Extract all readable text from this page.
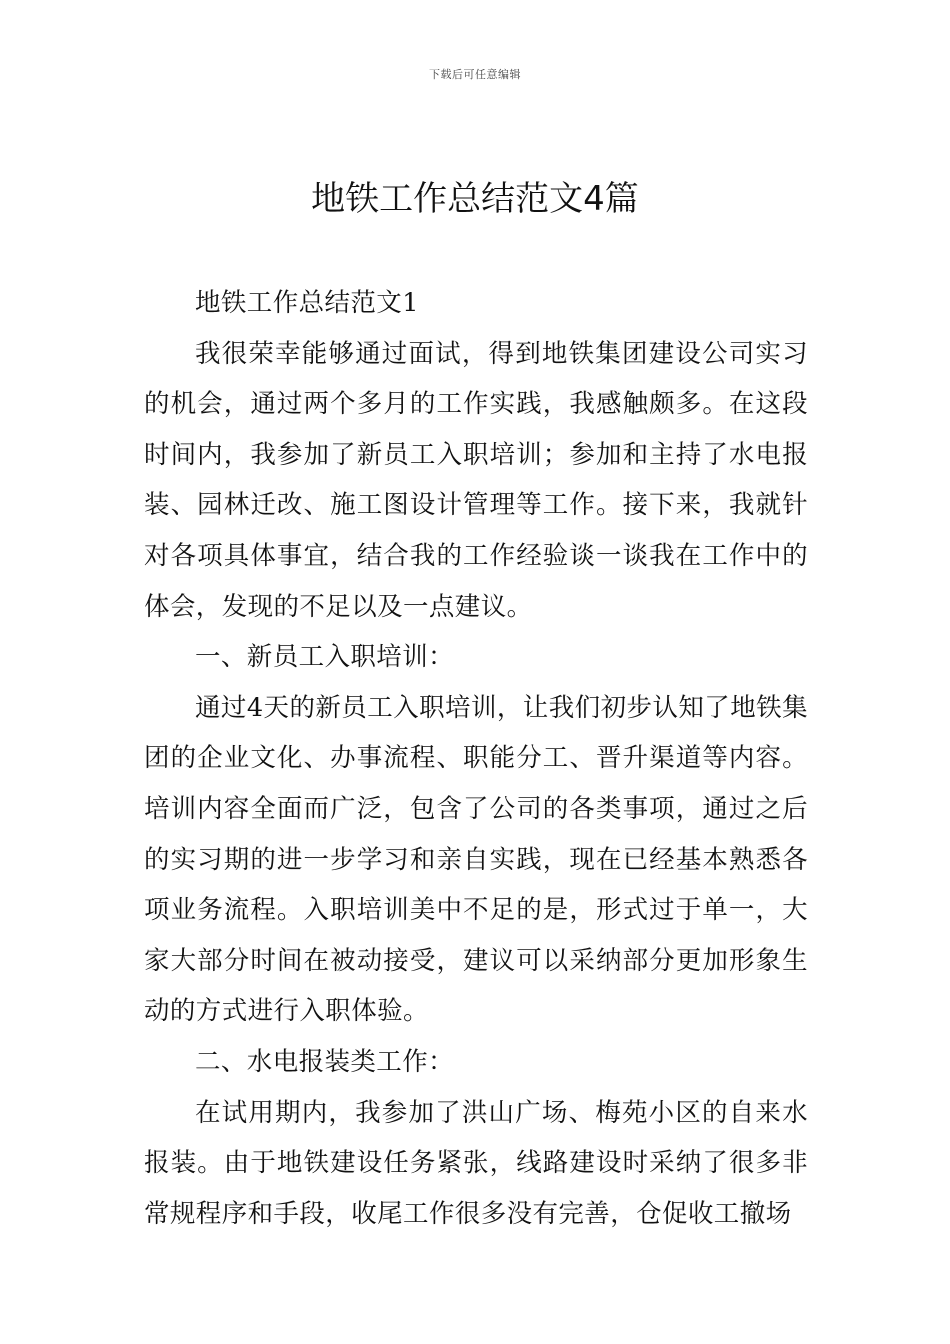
下载后可任意编辑
地铁工作总结范文4篇

地铁工作总结范文1

我很荣幸能够通过面试，得到地铁集团建设公司实习的机会，通过两个多月的工作实践，我感触颇多。在这段时间内，我参加了新员工入职培训；参加和主持了水电报装、园林迁改、施工图设计管理等工作。接下来，我就针对各项具体事宜，结合我的工作经验谈一谈我在工作中的体会，发现的不足以及一点建议。

一、新员工入职培训：

通过4天的新员工入职培训，让我们初步认知了地铁集团的企业文化、办事流程、职能分工、晋升渠道等内容。培训内容全面而广泛，包含了公司的各类事项，通过之后的实习期的进一步学习和亲自实践，现在已经基本熟悉各项业务流程。入职培训美中不足的是，形式过于单一，大家大部分时间在被动接受，建议可以采纳部分更加形象生动的方式进行入职体验。

二、水电报装类工作：

在试用期内，我参加了洪山广场、梅苑小区的自来水报装。由于地铁建设任务紧张，线路建设时采纳了很多非常规程序和手段，收尾工作很多没有完善，仓促收工撤场
